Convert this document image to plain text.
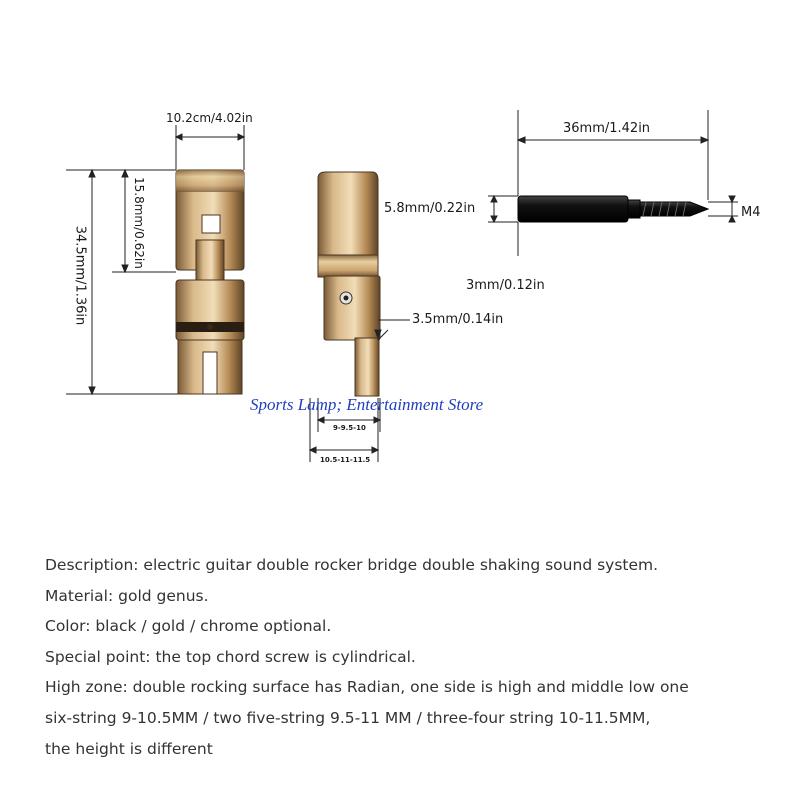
10.2cm/4.02in
34.5mm/1.36in
15.8mm/0.62in
36mm/1.42in
5.8mm/0.22in	M4
3mm/0.12in
3.5mm/0.14in
9-9.5-10
10.5-11-11.5
Sports Lamp; Entertainment Store

Description: electric guitar double rocker bridge double shaking sound system.

Material: gold genus.

Color: black / gold / chrome optional.

Special point: the top chord screw is cylindrical.

High zone: double rocking surface has Radian, one side is high and middle low one

six-string 9-10.5MM / two five-string 9.5-11 MM / three-four string 10-11.5MM,

the height is different
